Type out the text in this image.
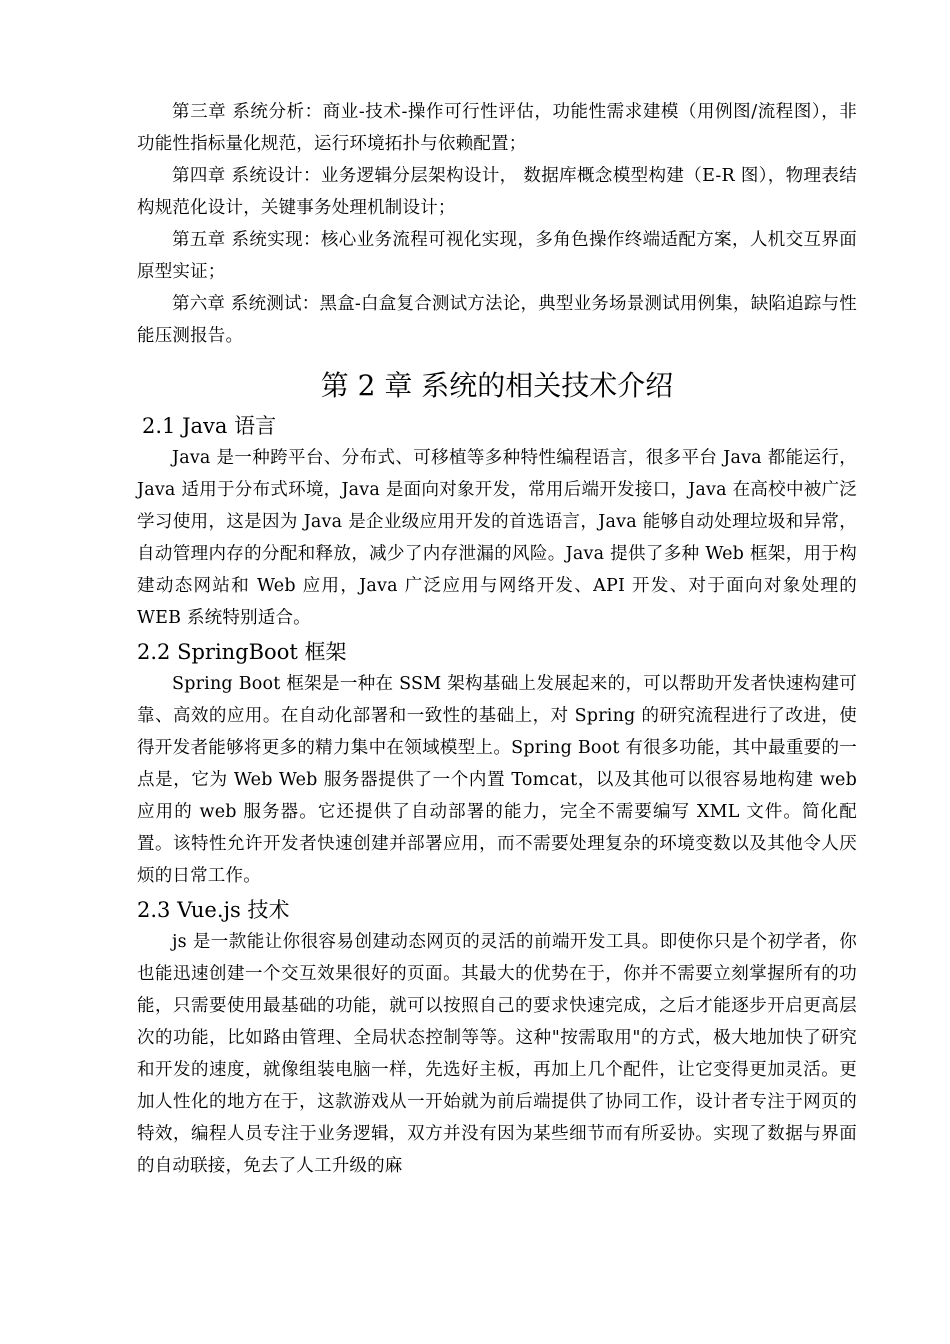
第三章 系统分析：商业-技术-操作可行性评估，功能性需求建模（用例图/流程图），非功能性指标量化规范，运行环境拓扑与依赖配置；

第四章 系统设计：业务逻辑分层架构设计， 数据库概念模型构建（E-R 图），物理表结构规范化设计，关键事务处理机制设计；

第五章 系统实现：核心业务流程可视化实现，多角色操作终端适配方案，人机交互界面原型实证；

第六章 系统测试：黑盒-白盒复合测试方法论，典型业务场景测试用例集，缺陷追踪与性能压测报告。

第 2 章 系统的相关技术介绍
2.1 Java 语言

Java 是一种跨平台、分布式、可移植等多种特性编程语言，很多平台 Java 都能运行，Java 适用于分布式环境，Java 是面向对象开发，常用后端开发接口，Java 在高校中被广泛学习使用，这是因为 Java 是企业级应用开发的首选语言，Java 能够自动处理垃圾和异常，自动管理内存的分配和释放，减少了内存泄漏的风险。Java 提供了多种 Web 框架，用于构建动态网站和 Web 应用，Java 广泛应用与网络开发、API 开发、对于面向对象处理的 WEB 系统特别适合。

2.2 SpringBoot 框架

Spring Boot 框架是一种在 SSM 架构基础上发展起来的，可以帮助开发者快速构建可靠、高效的应用。在自动化部署和一致性的基础上，对 Spring 的研究流程进行了改进，使得开发者能够将更多的精力集中在领域模型上。Spring Boot 有很多功能，其中最重要的一点是，它为 Web Web 服务器提供了一个内置 Tomcat，以及其他可以很容易地构建 web 应用的 web 服务器。它还提供了自动部署的能力，完全不需要编写 XML 文件。简化配置。该特性允许开发者快速创建并部署应用，而不需要处理复杂的环境变数以及其他令人厌烦的日常工作。

2.3 Vue.js 技术

js 是一款能让你很容易创建动态网页的灵活的前端开发工具。即使你只是个初学者，你也能迅速创建一个交互效果很好的页面。其最大的优势在于，你并不需要立刻掌握所有的功能，只需要使用最基础的功能，就可以按照自己的要求快速完成，之后才能逐步开启更高层次的功能，比如路由管理、全局状态控制等等。这种"按需取用"的方式，极大地加快了研究和开发的速度，就像组装电脑一样，先选好主板，再加上几个配件，让它变得更加灵活。更加人性化的地方在于，这款游戏从一开始就为前后端提供了协同工作，设计者专注于网页的特效，编程人员专注于业务逻辑，双方并没有因为某些细节而有所妥协。实现了数据与界面的自动联接，免去了人工升级的麻
